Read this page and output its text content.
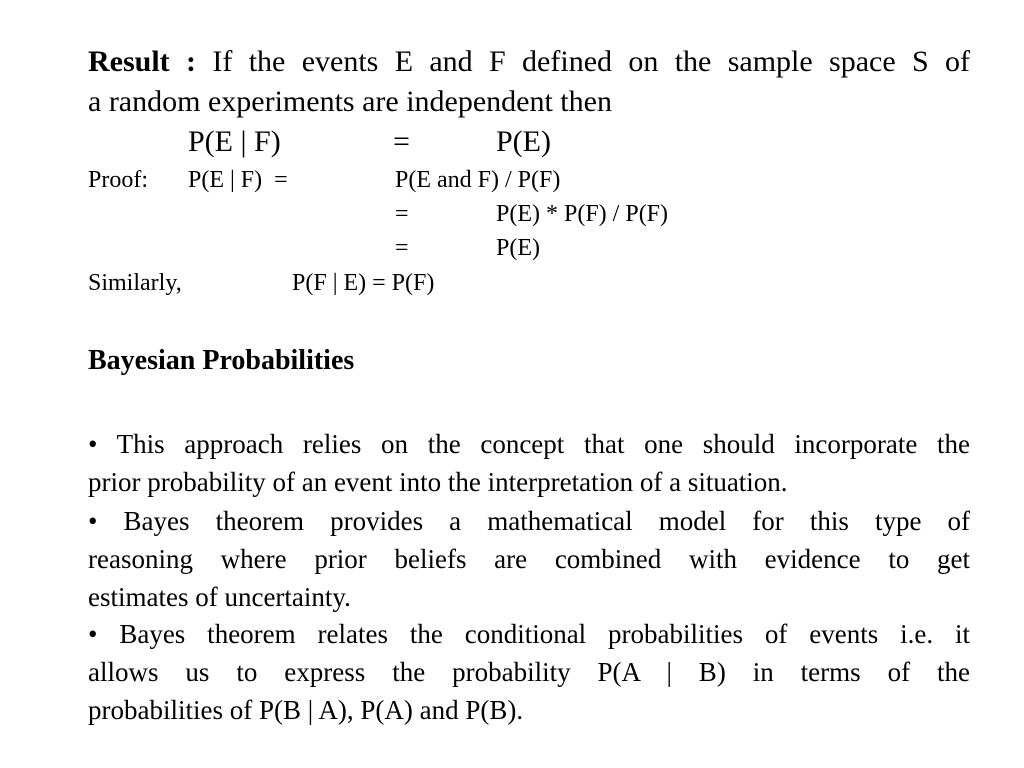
Result : If the events E and F defined on the sample space S of
a random experiments are independent then
P(E | F)	=	P(E)
Proof: P(E | F)  =	P(E and F) / P(F)
=	P(E) * P(F) / P(F)
=	P(E)
Similarly,	P(F | E) = P(F)
Bayesian Probabilities
• This approach relies on the concept that one should incorporate the
prior probability of an event into the interpretation of a situation.
• Bayes theorem provides a mathematical model for this type of
reasoning where prior beliefs are combined with evidence to get
estimates of uncertainty.
• Bayes theorem relates the conditional probabilities of events i.e. it
allows us to express the probability P(A | B) in terms of the
probabilities of P(B | A), P(A) and P(B).
